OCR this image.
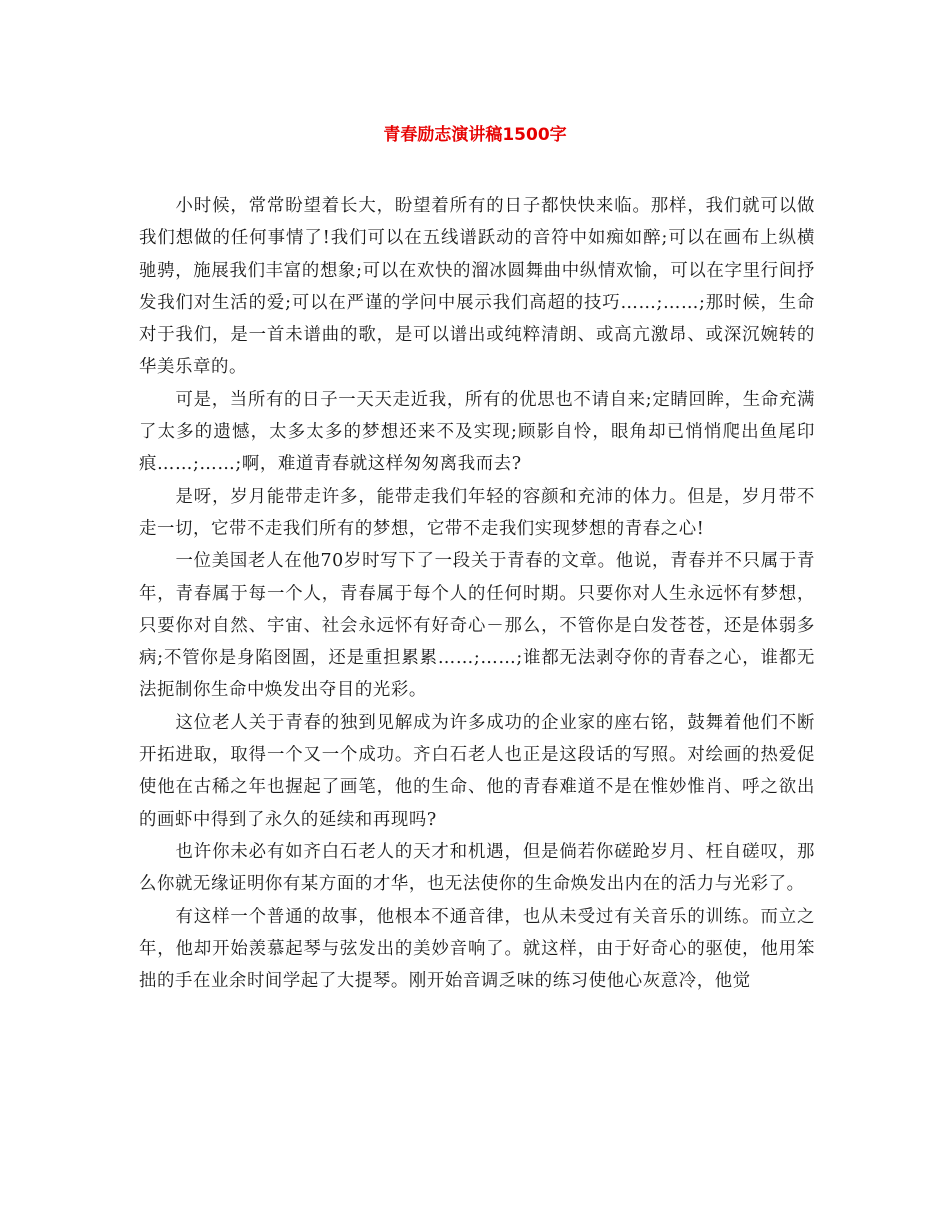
青春励志演讲稿1500字

小时候，常常盼望着长大，盼望着所有的日子都快快来临。那样，我们就可以做我们想做的任何事情了!我们可以在五线谱跃动的音符中如痴如醉;可以在画布上纵横驰骋，施展我们丰富的想象;可以在欢快的溜冰圆舞曲中纵情欢愉，可以在字里行间抒发我们对生活的爱;可以在严谨的学问中展示我们高超的技巧……;……;那时候，生命对于我们，是一首未谱曲的歌，是可以谱出或纯粹清朗、或高亢激昂、或深沉婉转的华美乐章的。

可是，当所有的日子一天天走近我，所有的优思也不请自来;定睛回眸，生命充满了太多的遗憾，太多太多的梦想还来不及实现;顾影自怜，眼角却已悄悄爬出鱼尾印痕……;……;啊，难道青春就这样匆匆离我而去?

是呀，岁月能带走许多，能带走我们年轻的容颜和充沛的体力。但是，岁月带不走一切，它带不走我们所有的梦想，它带不走我们实现梦想的青春之心!

一位美国老人在他70岁时写下了一段关于青春的文章。他说，青春并不只属于青年，青春属于每一个人，青春属于每个人的任何时期。只要你对人生永远怀有梦想，只要你对自然、宇宙、社会永远怀有好奇心－那么，不管你是白发苍苍，还是体弱多病;不管你是身陷囹圄，还是重担累累……;……;谁都无法剥夺你的青春之心，谁都无法扼制你生命中焕发出夺目的光彩。

这位老人关于青春的独到见解成为许多成功的企业家的座右铭，鼓舞着他们不断开拓进取，取得一个又一个成功。齐白石老人也正是这段话的写照。对绘画的热爱促使他在古稀之年也握起了画笔，他的生命、他的青春难道不是在惟妙惟肖、呼之欲出的画虾中得到了永久的延续和再现吗?

也许你未必有如齐白石老人的天才和机遇，但是倘若你磋跄岁月、枉自磋叹，那么你就无缘证明你有某方面的才华，也无法使你的生命焕发出内在的活力与光彩了。

有这样一个普通的故事，他根本不通音律，也从未受过有关音乐的训练。而立之年，他却开始羡慕起琴与弦发出的美妙音响了。就这样，由于好奇心的驱使，他用笨拙的手在业余时间学起了大提琴。刚开始音调乏味的练习使他心灰意冷，他觉
